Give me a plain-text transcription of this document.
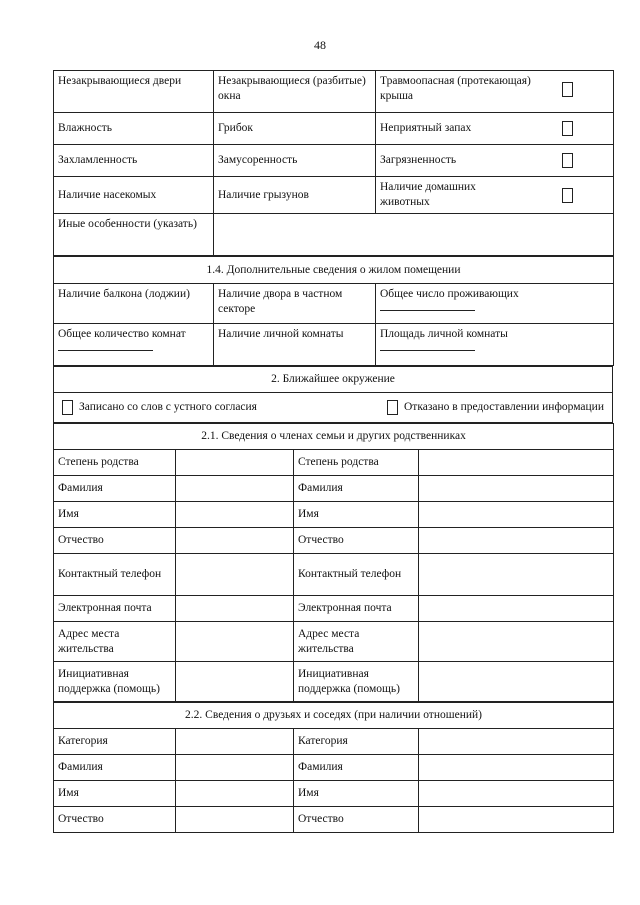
48
Незакрывающиеся двери	Незакрывающиеся (разбитые) окна	Травмоопасная (протекающая) крыша

Влажность	Грибок	Неприятный запах

Захламленность	Замусоренность	Загрязненность

Наличие насекомых	Наличие грызунов	Наличие домашних животных

Иные особенности (указать)		
1.4. Дополнительные сведения о жилом помещении		
Наличие балкона (лоджии)	Наличие двора в частном секторе	Общее число проживающих

Общее количество комнат	Наличие личной комнаты	Площадь личной комнаты
2. Ближайшее окружение

Записано со слов с устного согласия	Отказано в предоставлении информации
2.1. Сведения о членах семьи и других родственниках			
Степень родства		Степень родства	
Фамилия		Фамилия	
Имя		Имя	
Отчество		Отчество	
Контактный телефон		Контактный телефон	
Электронная почта		Электронная почта	
Адрес места жительства		Адрес места жительства	
Инициативная поддержка (помощь)		Инициативная поддержка (помощь)	
2.2. Сведения о друзьях и соседях (при наличии отношений)			
Категория		Категория	
Фамилия		Фамилия	
Имя		Имя	
Отчество		Отчество	
